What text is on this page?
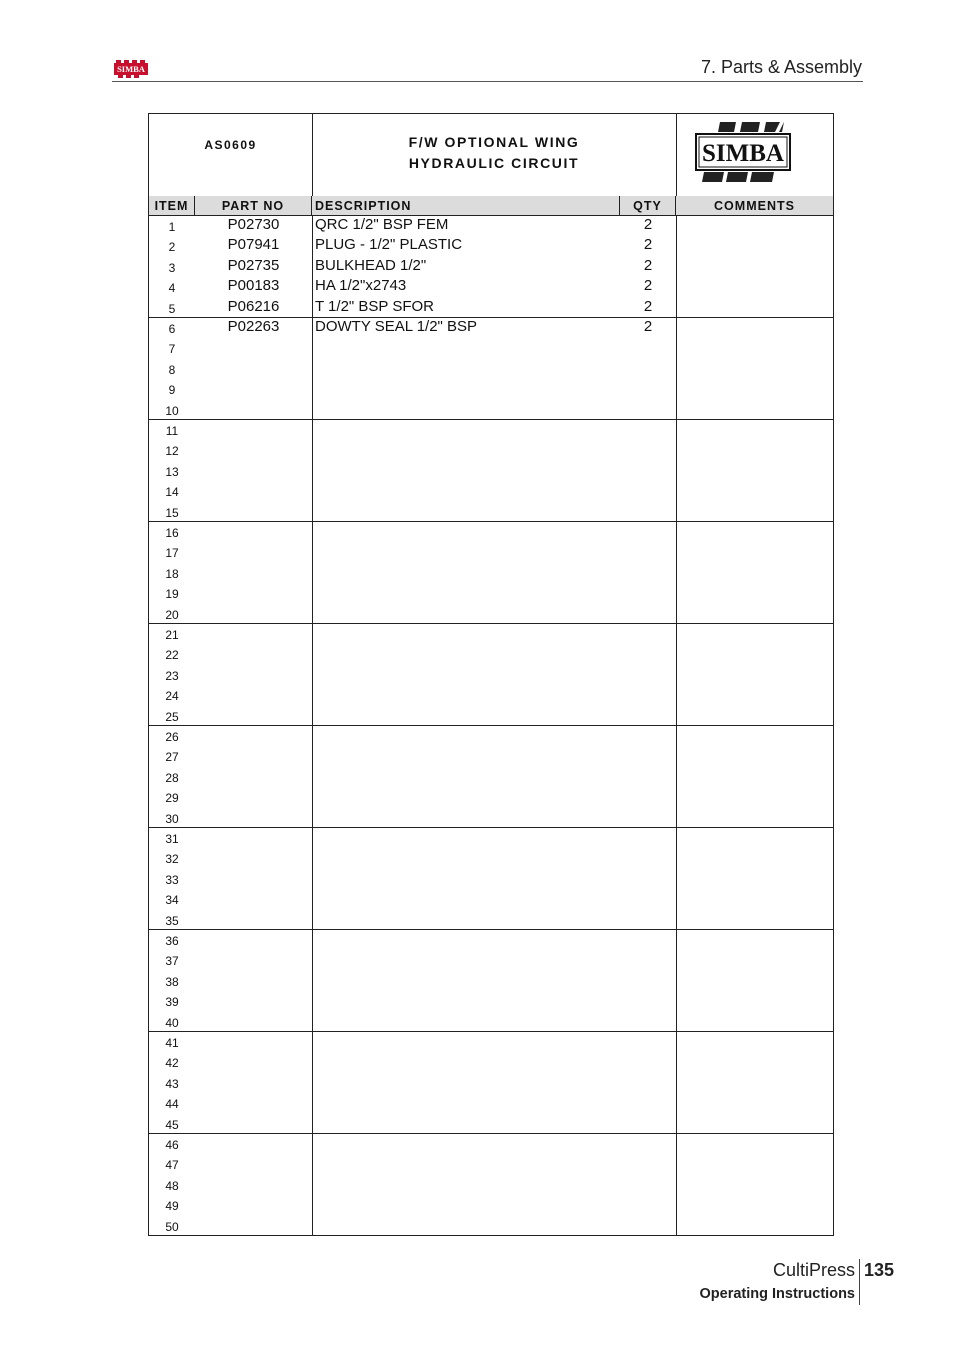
SIMBA	7. Parts & Assembly
AS0609	F/W OPTIONAL WING
HYDRAULIC CIRCUIT	SIMBA
ITEM	PART NO	DESCRIPTION	QTY	COMMENTS
1	P02730	QRC 1/2" BSP FEM	2
2	P07941	PLUG - 1/2" PLASTIC	2
3	P02735	BULKHEAD 1/2"	2
4	P00183	HA 1/2"x2743	2
5	P06216	T 1/2" BSP SFOR	2
6	P02263	DOWTY SEAL 1/2" BSP	2
7
8
9
10
11
12
13
14
15
16
17
18
19
20
21
22
23
24
25
26
27
28
29
30
31
32
33
34
35
36
37
38
39
40
41
42
43
44
45
46
47
48
49
50
CultiPress 135
Operating Instructions
